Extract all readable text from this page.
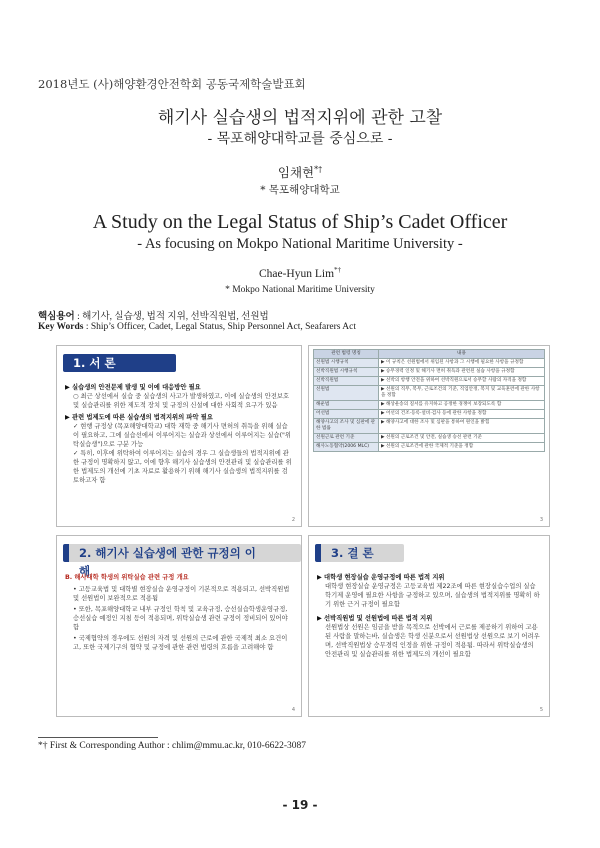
2018년도 (사)해양환경안전학회 공동국제학술발표회
해기사 실습생의 법적지위에 관한 고찰
- 목포해양대학교를 중심으로 -
임채현*†
* 목포해양대학교
A Study on the Legal Status of Ship’s Cadet Officer
- As focusing on Mokpo National Maritime University -
Chae-Hyun Lim*†
* Mokpo National Maritime University
핵심용어 : 해기사, 실습생, 법적 지위, 선박직원법, 선원법
Key Words : Ship’s Officer, Cadet, Legal Status, Ship Personnel Act, Seafarers Act
1. 서 론
▶ 실습생의 안전문제 발생 및 이에 대응방안 필요
○ 최근 상선에서 실습 중 실습생의 사고가 발생하였고, 이에 실습생의 안전보호 및 실습관리를 위한 제도적 장치 및 규정의 신설에 대한 사회적 요구가 있음
▶ 관련 법제도에 따른 실습생의 법적지위의 파악 필요
✓ 현행 규정상 (목포해양대학교) 대학 재학 중 해기사 면허의 취득을 위해 실습이 필요하고, 그에 실습선에서 이루어지는 실습과 상선에서 이루어지는 실습("위탁실습생")으로 구분 가능
✓ 특히, 이후에 위탁하여 이루어지는 실습의 경우 그 실습생들의 법적지위에 관한 규정이 명확하지 않고, 이에 향후 해기사 실습생의 안전관리 및 실습관리를 위한 법제도의 개선에 기초 자료로 활용하기 위해 해기사 실습생의 법적지위를 검토하고자 함
2
관련 법령 명칭	내용
선원법 시행규칙	▶ 이 규칙은 선원법에서 위임된 사항과 그 시행에 필요한 사항을 규정함
선박직원법 시행규칙	▶ 승무경력 인정 및 해기사 면허 취득과 관련된 실습 사항을 규정함
선박직원법	▶ 선박의 항행 안전을 위하여 선박직원으로서 승무할 사람의 자격을 정함
선원법	▶ 선원의 직무, 복무, 근로조건의 기준, 직업안정, 복지 및 교육훈련에 관한 사항을 정함
해운법	▶ 해상운송의 질서를 유지하고 공정한 경쟁이 보장되도록 함
어선법	▶ 어선의 건조·등록·설비·검사 등에 관한 사항을 정함
해양사고의 조사 및 심판에 관한 법률	▶ 해양사고에 대한 조사 및 심판을 통하여 원인을 밝힘
선원근로 관련 기준	▶ 선원의 근로조건 및 안전, 실습생 승선 관련 기준
해사노동협약(2006 MLC)	▶ 선원의 근로조건에 관한 국제적 기준을 정함
3
2. 해기사 실습생에 관한 규정의 이해
B. 해사대학 학생의 위탁실습 관련 규정 개요
• 고등교육법 및 대학별 현장실습 운영규정이 기본적으로 적용되고, 선박직원법 및 선원법이 보완적으로 적용됨
• 또한, 목포해양대학교 내부 규정인 학칙 및 교육규정, 승선실습학생운영규정, 승선실습 예정인 지침 등이 적용되며, 위탁실습생 관련 규정이 정비되어 있어야 함
• 국제협약의 경우에도 선원의 자격 및 선원의 근로에 관한 국제적 최소 요건이고, 또한 국제기구의 협약 및 규정에 관한 관련 법령의 흐름을 고려해야 함
4
3. 결 론
▶ 대학생 현장실습 운영규정에 따른 법적 지위
대학생 현장실습 운영규정은 고등교육법 제22조에 따른 현장실습수업의 실습학기제 운영에 필요한 사항을 규정하고 있으며, 실습생의 법적지위를 명확히 하기 위한 근거 규정이 필요함
▶ 선박직원법 및 선원법에 따른 법적 지위
선원법상 선원은 임금을 받을 목적으로 선박에서 근로를 제공하기 위하여 고용된 사람을 말하는바, 실습생은 학생 신분으로서 선원법상 선원으로 보기 어려우며, 선박직원법상 승무경력 인정을 위한 규정이 적용됨. 따라서 위탁실습생의 안전관리 및 실습관리를 위한 법제도의 개선이 필요함
5
*† First & Corresponding Author : chlim@mmu.ac.kr, 010-6622-3087
- 19 -
